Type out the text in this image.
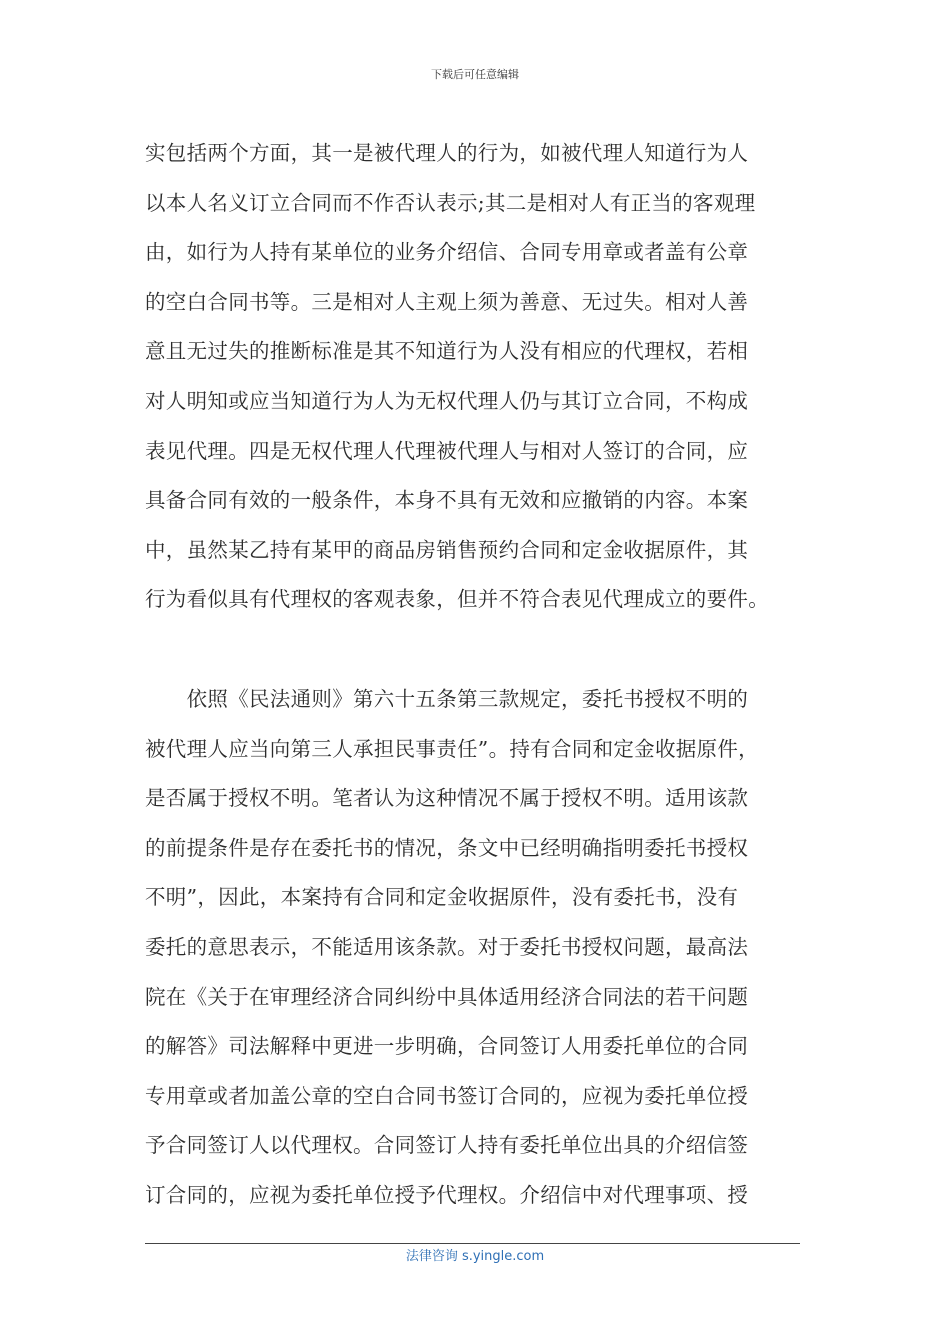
下载后可任意编辑
实包括两个方面，其一是被代理人的行为，如被代理人知道行为人
以本人名义订立合同而不作否认表示;其二是相对人有正当的客观理
由，如行为人持有某单位的业务介绍信、合同专用章或者盖有公章
的空白合同书等。三是相对人主观上须为善意、无过失。相对人善
意且无过失的推断标准是其不知道行为人没有相应的代理权，若相
对人明知或应当知道行为人为无权代理人仍与其订立合同，不构成
表见代理。四是无权代理人代理被代理人与相对人签订的合同，应
具备合同有效的一般条件，本身不具有无效和应撤销的内容。本案
中，虽然某乙持有某甲的商品房销售预约合同和定金收据原件，其
行为看似具有代理权的客观表象，但并不符合表见代理成立的要件。
　　依照《民法通则》第六十五条第三款规定，委托书授权不明的
被代理人应当向第三人承担民事责任”。持有合同和定金收据原件，
是否属于授权不明。笔者认为这种情况不属于授权不明。适用该款
的前提条件是存在委托书的情况，条文中已经明确指明委托书授权
不明”，因此，本案持有合同和定金收据原件，没有委托书，没有
委托的意思表示，不能适用该条款。对于委托书授权问题，最高法
院在《关于在审理经济合同纠纷中具体适用经济合同法的若干问题
的解答》司法解释中更进一步明确，合同签订人用委托单位的合同
专用章或者加盖公章的空白合同书签订合同的，应视为委托单位授
予合同签订人以代理权。合同签订人持有委托单位出具的介绍信签
订合同的，应视为委托单位授予代理权。介绍信中对代理事项、授
法律咨询 s.yingle.com
